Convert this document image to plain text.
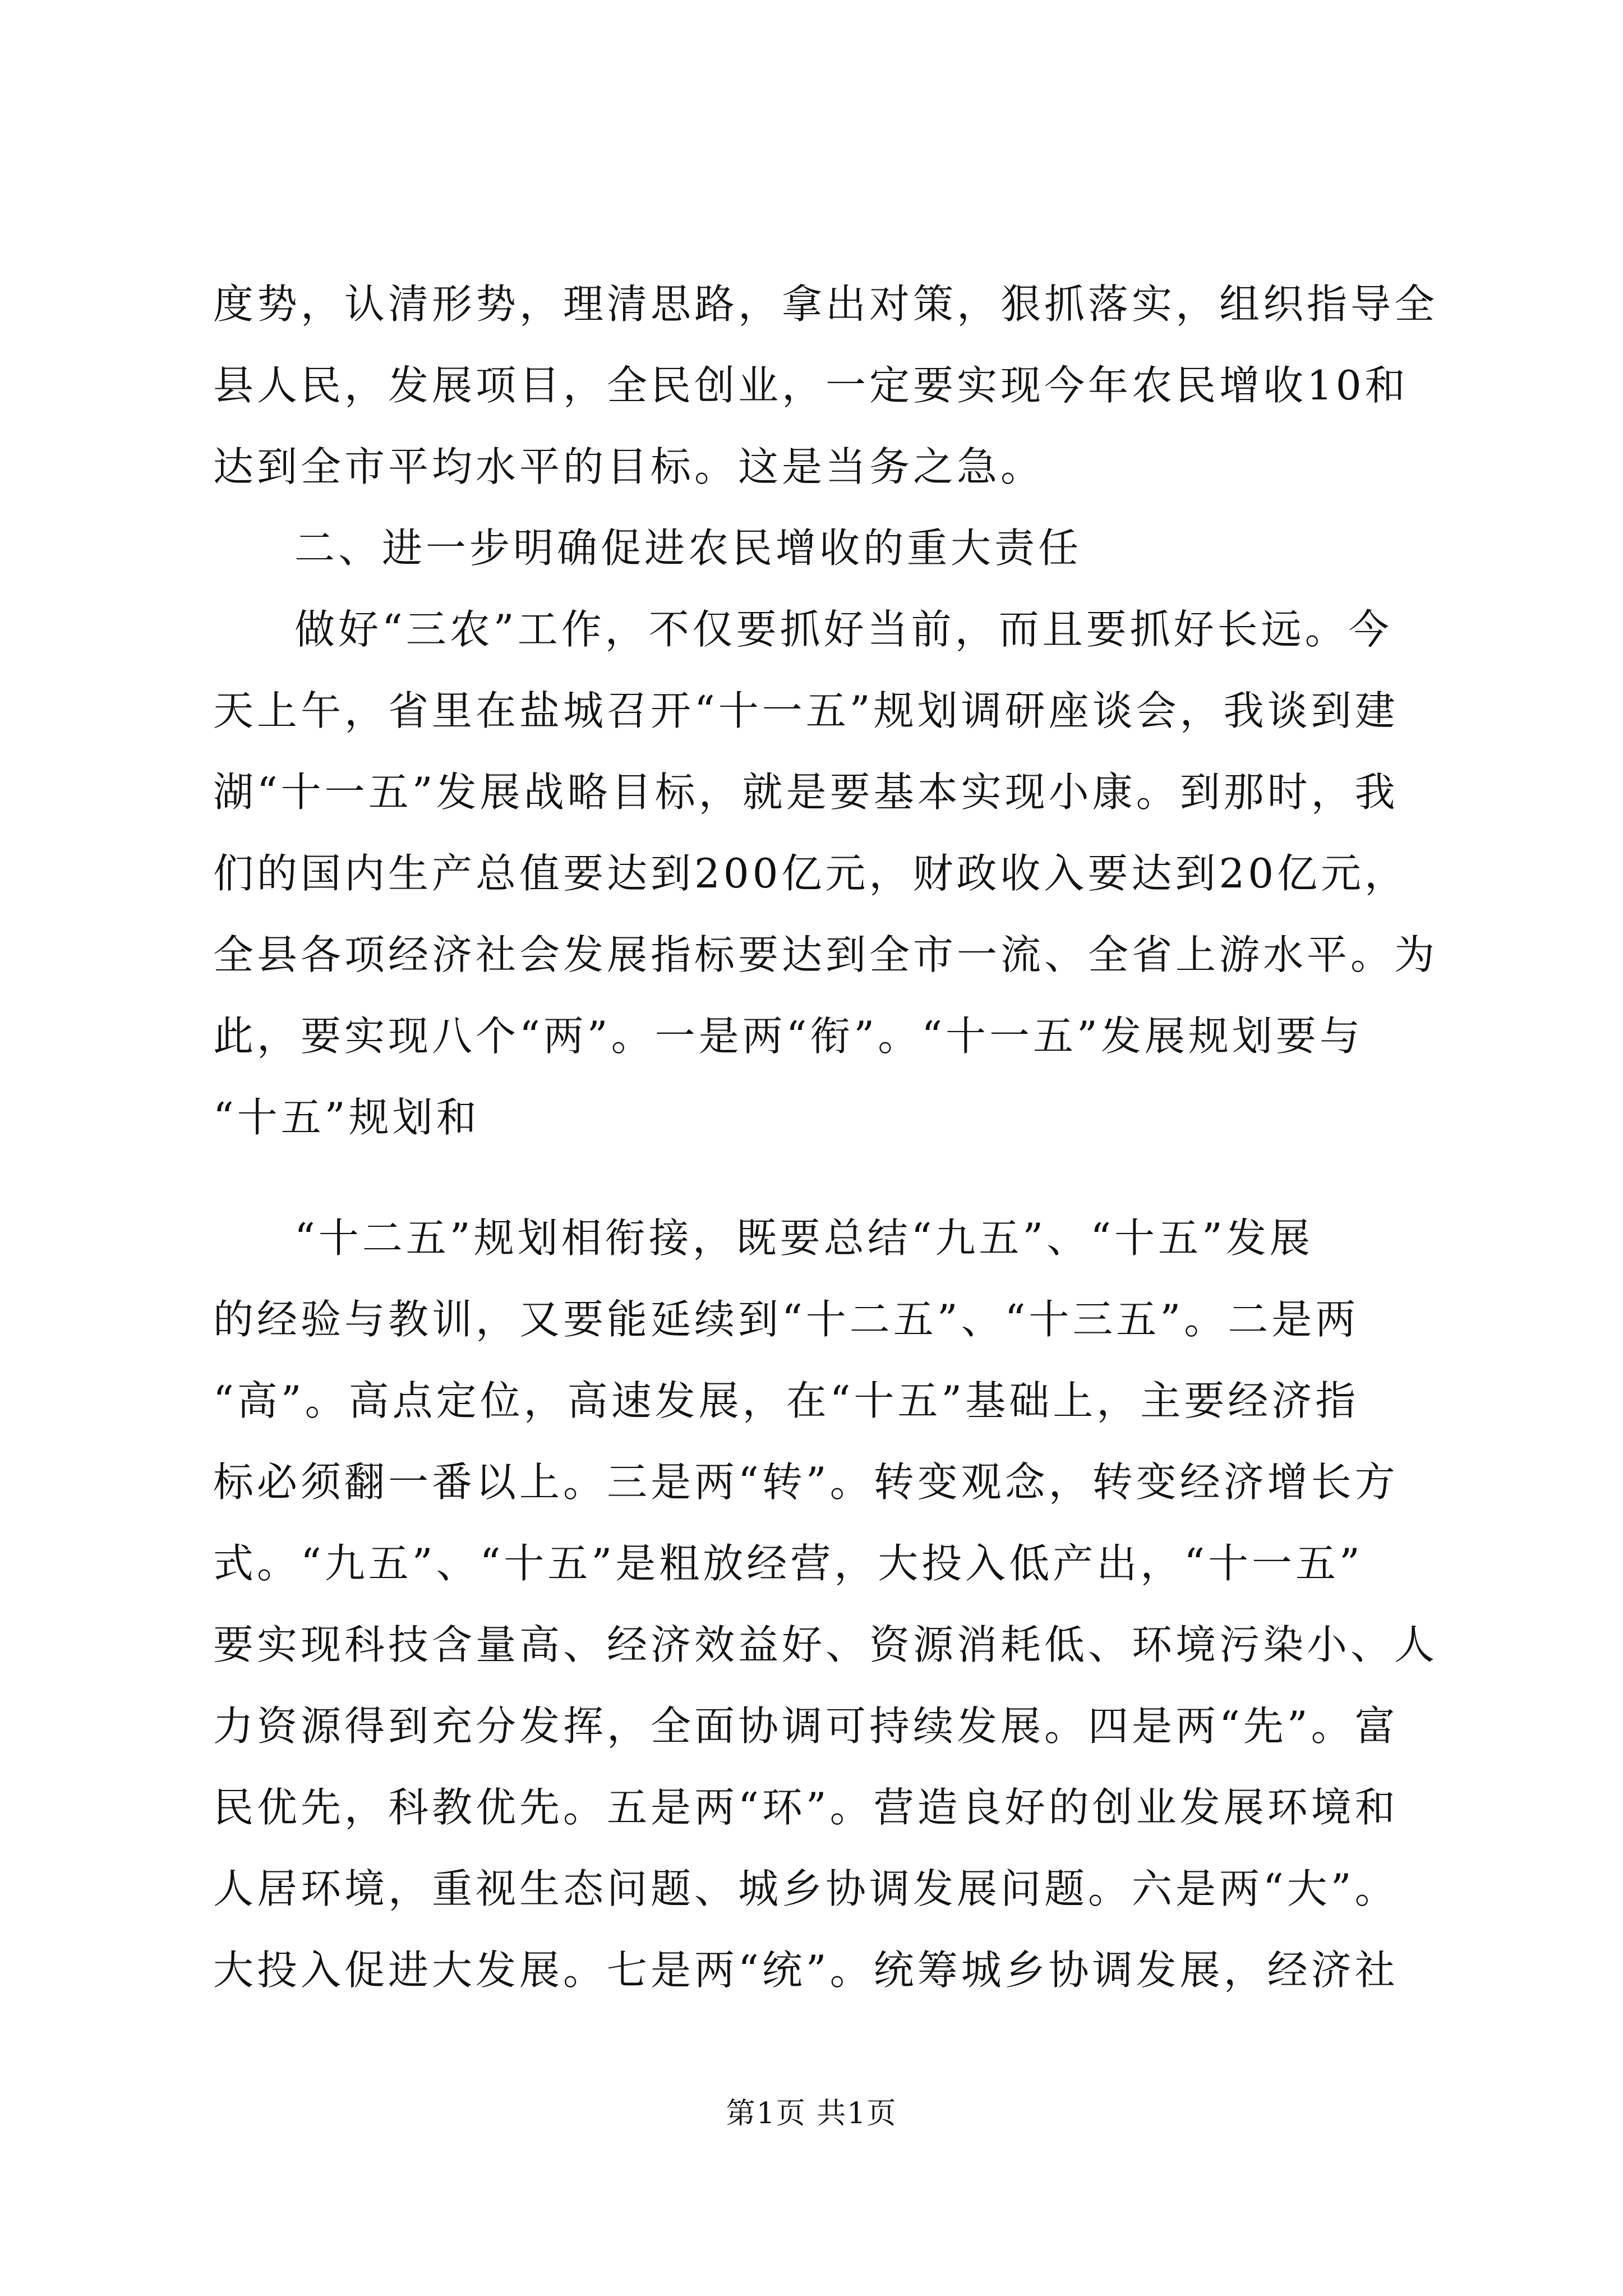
度势，认清形势，理清思路，拿出对策，狠抓落实，组织指导全
县人民，发展项目，全民创业，一定要实现今年农民增收10和
达到全市平均水平的目标。这是当务之急。
二、进一步明确促进农民增收的重大责任
做好“三农”工作，不仅要抓好当前，而且要抓好长远。今
天上午，省里在盐城召开“十一五”规划调研座谈会，我谈到建
湖“十一五”发展战略目标，就是要基本实现小康。到那时，我
们的国内生产总值要达到200亿元，财政收入要达到20亿元，
全县各项经济社会发展指标要达到全市一流、全省上游水平。为
此，要实现八个“两”。一是两“衔”。“十一五”发展规划要与
“十五”规划和
“十二五”规划相衔接，既要总结“九五”、“十五”发展
的经验与教训，又要能延续到“十二五”、“十三五”。二是两
“高”。高点定位，高速发展，在“十五”基础上，主要经济指
标必须翻一番以上。三是两“转”。转变观念，转变经济增长方
式。“九五”、“十五”是粗放经营，大投入低产出，“十一五”
要实现科技含量高、经济效益好、资源消耗低、环境污染小、人
力资源得到充分发挥，全面协调可持续发展。四是两“先”。富
民优先，科教优先。五是两“环”。营造良好的创业发展环境和
人居环境，重视生态问题、城乡协调发展问题。六是两“大”。
大投入促进大发展。七是两“统”。统筹城乡协调发展，经济社
第1页 共1页
